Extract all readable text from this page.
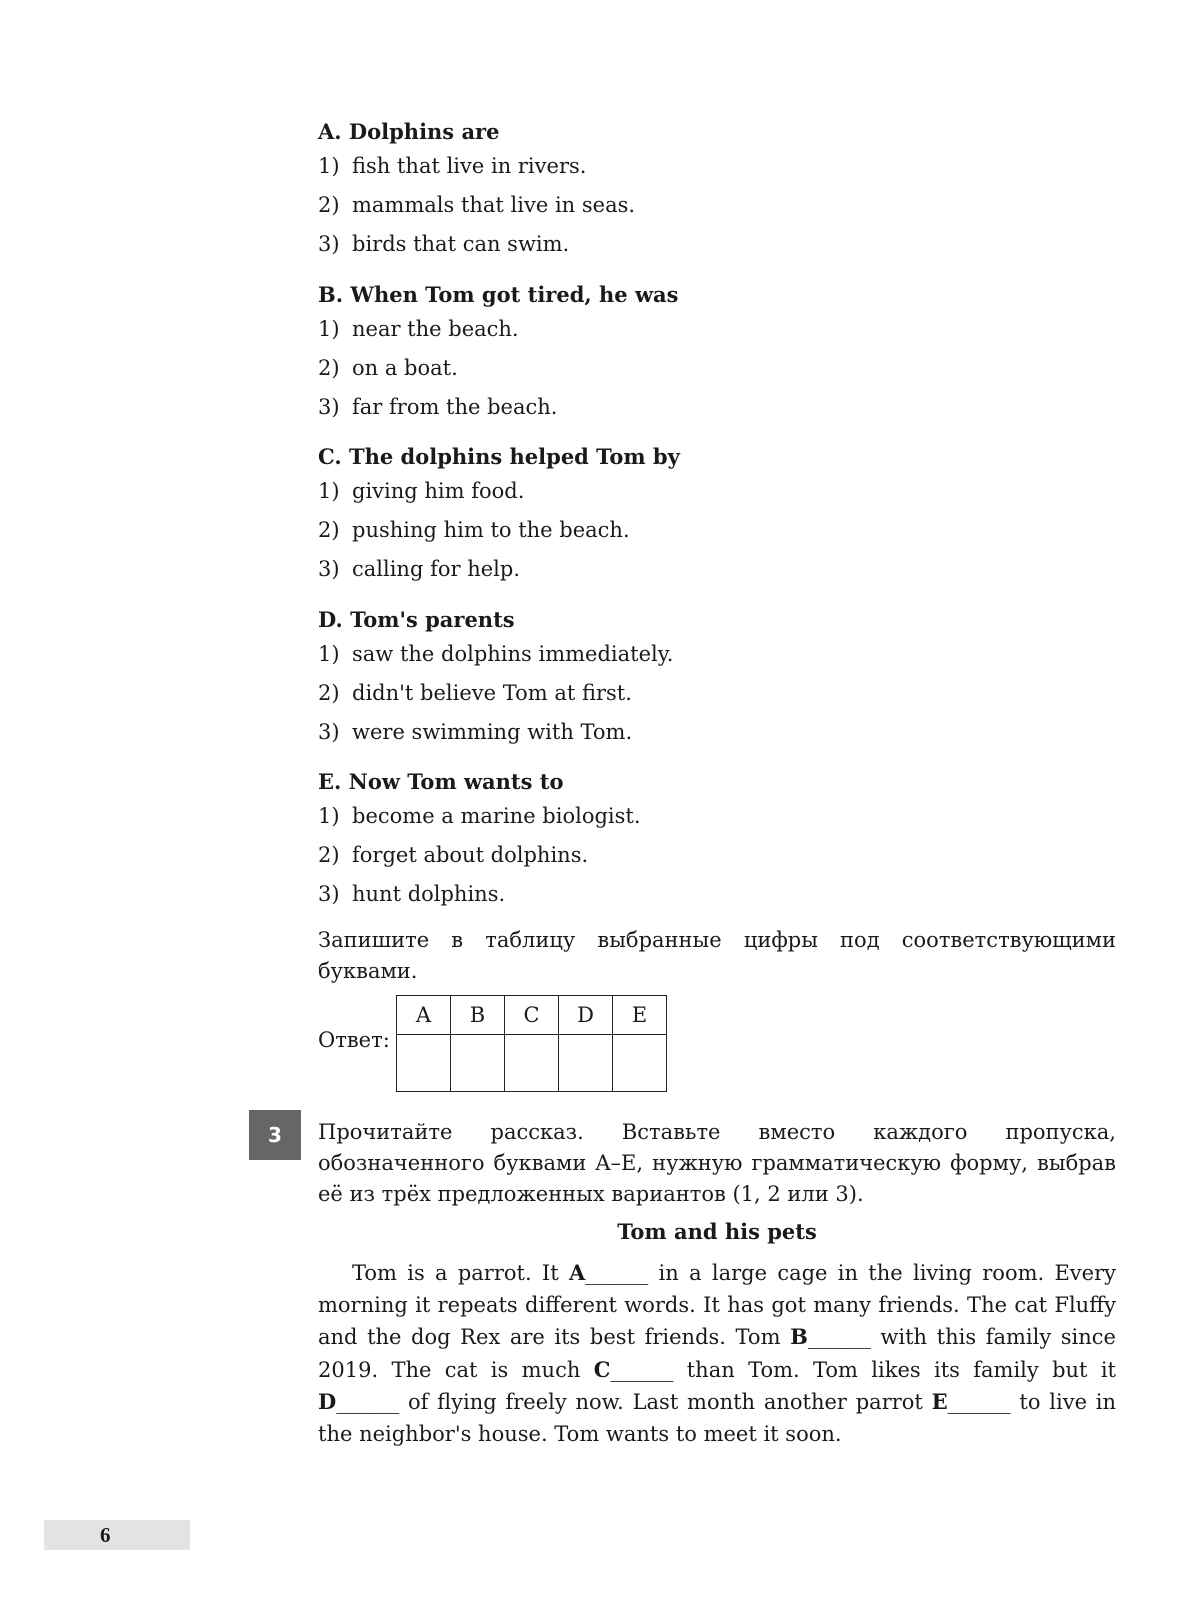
A. Dolphins are

1) fish that live in rivers.

2) mammals that live in seas.

3) birds that can swim.

B. When Tom got tired, he was

1) near the beach.

2) on a boat.

3) far from the beach.

C. The dolphins helped Tom by

1) giving him food.

2) pushing him to the beach.

3) calling for help.

D. Tom's parents

1) saw the dolphins immediately.

2) didn't believe Tom at first.

3) were swimming with Tom.

E. Now Tom wants to

1) become a marine biologist.

2) forget about dolphins.

3) hunt dolphins.

Запишите в таблицу выбранные цифры под соответствующими буквами.
Ответ:
A	B	C	D	E

3	Прочитайте рассказ. Вставьте вместо каждого пропуска, обозначенного буквами A–E, нужную грамматическую форму, выбрав её из трёх предложенных вариантов (1, 2 или 3).
Tom and his pets
Tom is a parrot. It A______ in a large cage in the living room. Every morning it repeats different words. It has got many friends. The cat Fluffy and the dog Rex are its best friends. Tom B______ with this family since 2019. The cat is much C______ than Tom. Tom likes its family but it D______ of flying freely now. Last month another parrot E______ to live in the neighbor's house. Tom wants to meet it soon.
6
